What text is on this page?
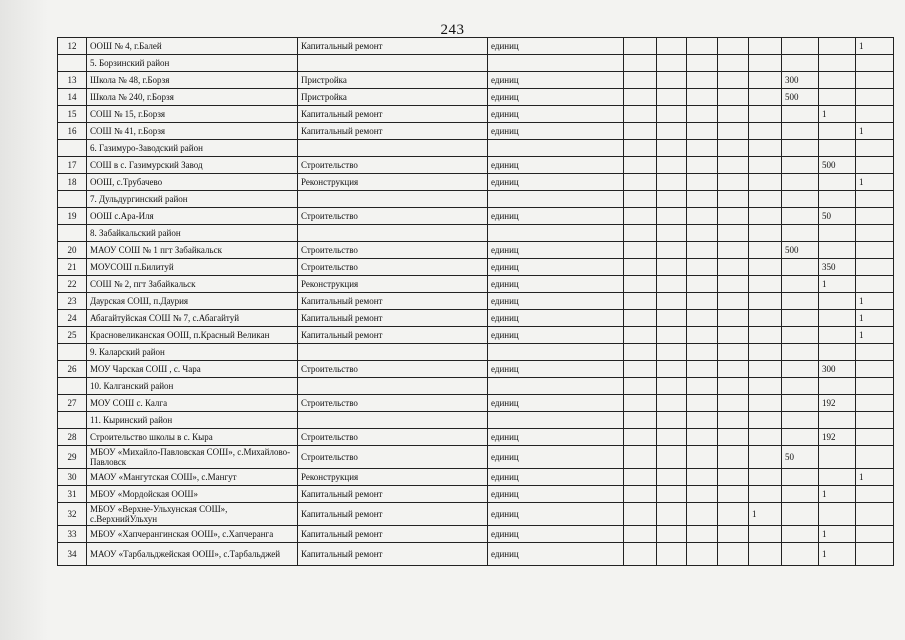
243
12	ООШ № 4, г.Балей	Капитальный ремонт	единиц								1
	5. Борзинский район										
13	Школа № 48, г.Борзя	Пристройка	единиц						300		
14	Школа № 240, г.Борзя	Пристройка	единиц						500		
15	СОШ № 15, г.Борзя	Капитальный ремонт	единиц							1	
16	СОШ № 41, г.Борзя	Капитальный ремонт	единиц								1
	6. Газимуро-Заводский район										
17	СОШ в с. Газимурский Завод	Строительство	единиц							500	
18	ООШ, с.Трубачево	Реконструкция	единиц								1
	7. Дульдургинский район										
19	ООШ с.Ара-Иля	Строительство	единиц							50	
	8. Забайкальский район										
20	МАОУ СОШ № 1 пгт Забайкальск	Строительство	единиц						500		
21	МОУСОШ п.Билитуй	Строительство	единиц							350	
22	СОШ № 2, пгт Забайкальск	Реконструкция	единиц							1	
23	Даурская СОШ, п.Даурия	Капитальный ремонт	единиц								1
24	Абагайтуйская СОШ № 7, с.Абагайтуй	Капитальный ремонт	единиц								1
25	Красновеликанская ООШ, п.Красный Великан	Капитальный ремонт	единиц								1
	9. Каларский район										
26	МОУ Чарская СОШ , с. Чара	Строительство	единиц							300	
	10. Калганский район										
27	МОУ СОШ с. Калга	Строительство	единиц							192	
	11. Кыринский район										
28	Строительство школы в с. Кыра	Строительство	единиц							192	
29	МБОУ «Михайло-Павловская СОШ», с.Михайлово-Павловск	Строительство	единиц						50		
30	МАОУ «Мангутская СОШ», с.Мангут	Реконструкция	единиц								1
31	МБОУ «Мордойская ООШ»	Капитальный ремонт	единиц							1	
32	МБОУ «Верхне-Ульхунская СОШ», с.ВерхнийУльхун	Капитальный ремонт	единиц					1			
33	МБОУ «Хапчерангинская ООШ», с.Хапчеранга	Капитальный ремонт	единиц							1	
34	МАОУ «Тарбальджейская ООШ», с.Тарбальджей	Капитальный ремонт	единиц							1	
